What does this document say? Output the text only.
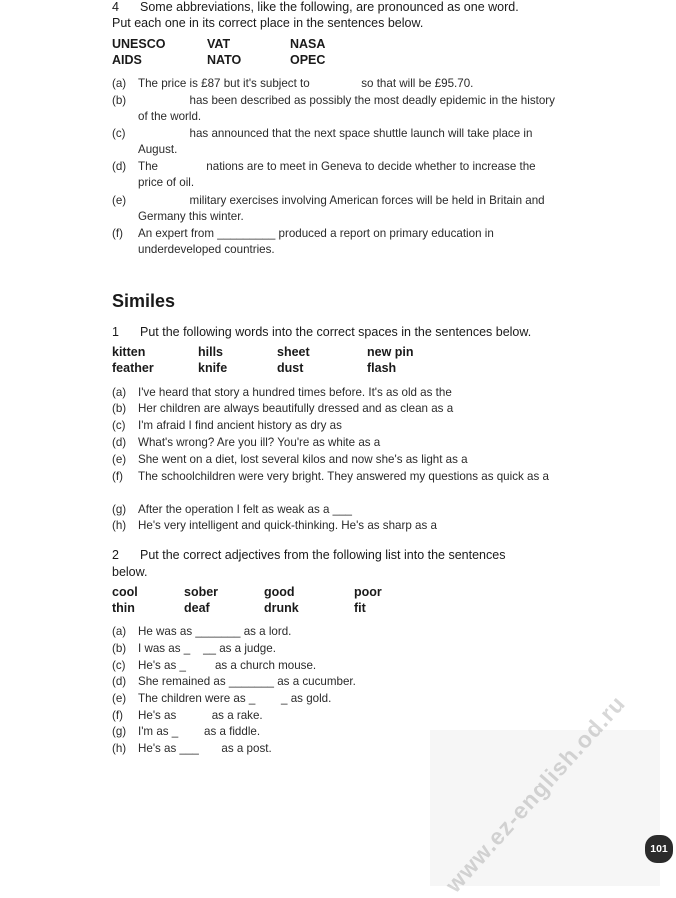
4 Some abbreviations, like the following, are pronounced as one word.
Put each one in its correct place in the sentences below.
UNESCO	VAT	NASA
AIDS	NATO	OPEC
(a) The price is £87 but it's subject to                so that will be £95.70.
(b) has been described as possibly the most deadly epidemic in the history
of the world.
(c) has announced that the next space shuttle launch will take place in
August.
(d) The               nations are to meet in Geneva to decide whether to increase the
price of oil.
(e) military exercises involving American forces will be held in Britain and
Germany this winter.
(f) An expert from _________ produced a report on primary education in
underdeveloped countries.
Similes
1 Put the following words into the correct spaces in the sentences below.
kitten	hills	sheet	new pin
feather	knife	dust	flash
(a) I've heard that story a hundred times before. It's as old as the
(b) Her children are always beautifully dressed and as clean as a
(c) I'm afraid I find ancient history as dry as
(d) What's wrong? Are you ill? You're as white as a
(e) She went on a diet, lost several kilos and now she's as light as a
(f) The schoolchildren were very bright. They answered my questions as quick as a
(g) After the operation I felt as weak as a ___
(h) He's very intelligent and quick-thinking. He's as sharp as a
2 Put the correct adjectives from the following list into the sentences
below.
cool	sober	good	poor
thin	deaf	drunk	fit
(a) He was as _______ as a lord.
(b) I was as _    __ as a judge.
(c) He's as _         as a church mouse.
(d) She remained as _______ as a cucumber.
(e) The children were as _        _ as gold.
(f) He's as           as a rake.
(g) I'm as _        as a fiddle.
(h) He's as ___       as a post.	www.ez-english.od.ru	101
